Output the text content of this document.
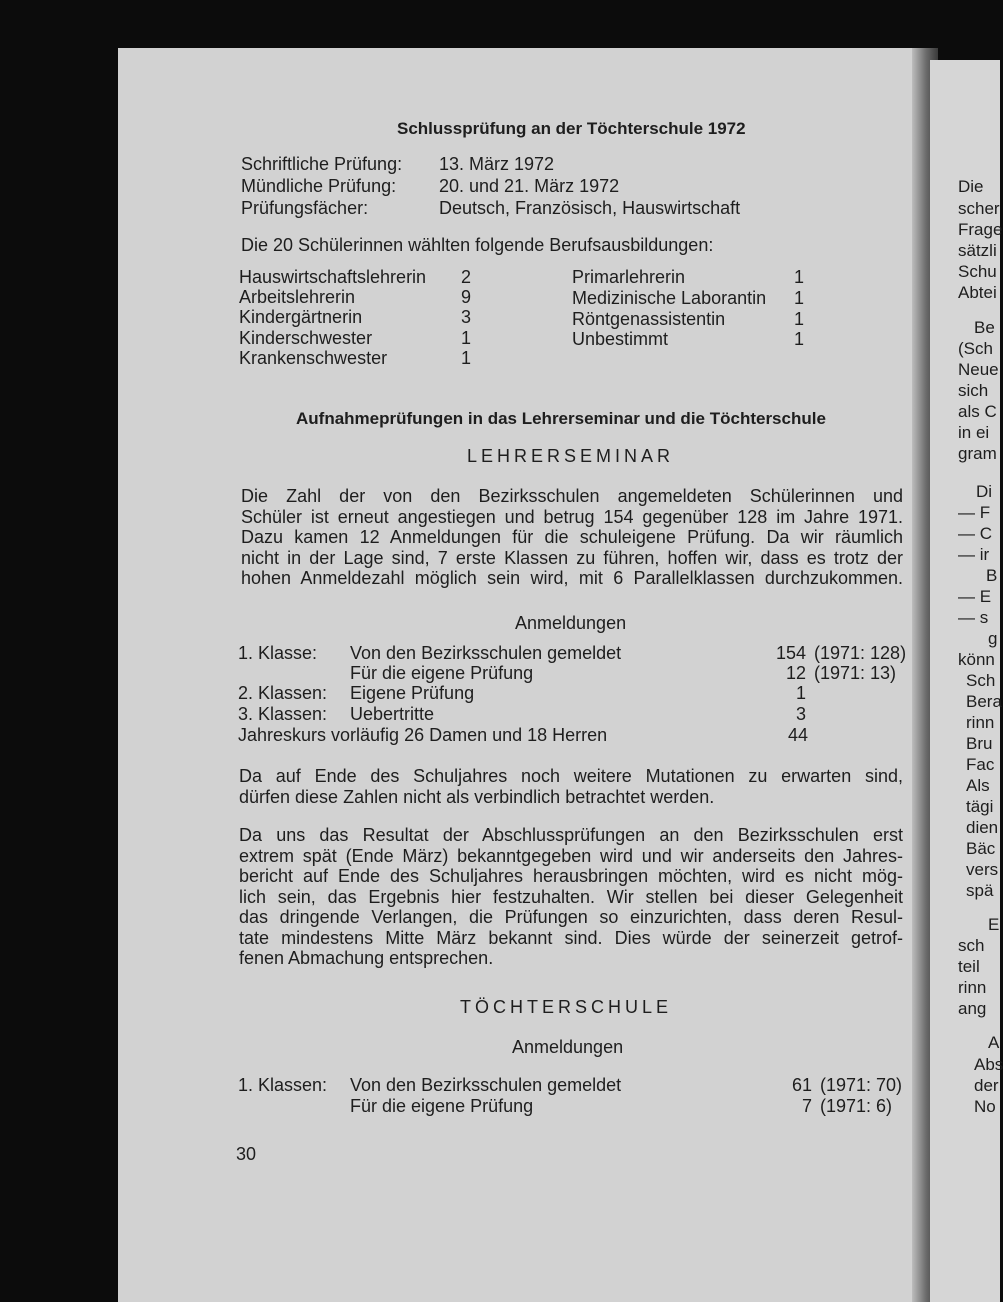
Schlussprüfung an der Töchterschule 1972
Schriftliche Prüfung: 13. März 1972
Mündliche Prüfung: 20. und 21. März 1972
Prüfungsfächer:	Deutsch, Französisch, Hauswirtschaft
Die 20 Schülerinnen wählten folgende Berufsausbildungen:
Hauswirtschaftslehrerin 2
Arbeitslehrerin	9
Kindergärtnerin	3
Kinderschwester	1
Krankenschwester	1
Primarlehrerin	1
Medizinische Laborantin 1
Röntgenassistentin	1
Unbestimmt	1
Aufnahmeprüfungen in das Lehrerseminar und die Töchterschule
LEHRERSEMINAR
Die Zahl der von den Bezirksschulen angemeldeten Schülerinnen und
Schüler ist erneut angestiegen und betrug 154 gegenüber 128 im Jahre 1971.
Dazu kamen 12 Anmeldungen für die schuleigene Prüfung. Da wir räumlich
nicht in der Lage sind, 7 erste Klassen zu führen, hoffen wir, dass es trotz der
hohen Anmeldezahl möglich sein wird, mit 6 Parallelklassen durchzukommen.
Anmeldungen
1. Klasse: Von den Bezirksschulen gemeldet	154 (1971: 128)
Für die eigene Prüfung	12 (1971: 13)
2. Klassen: Eigene Prüfung	1
3. Klassen: Uebertritte	3
Jahreskurs vorläufig 26 Damen und 18 Herren	44
Da auf Ende des Schuljahres noch weitere Mutationen zu erwarten sind,
dürfen diese Zahlen nicht als verbindlich betrachtet werden.
Da uns das Resultat der Abschlussprüfungen an den Bezirksschulen erst
extrem spät (Ende März) bekanntgegeben wird und wir anderseits den Jahres-
bericht auf Ende des Schuljahres herausbringen möchten, wird es nicht mög-
lich sein, das Ergebnis hier festzuhalten. Wir stellen bei dieser Gelegenheit
das dringende Verlangen, die Prüfungen so einzurichten, dass deren Resul-
tate mindestens Mitte März bekannt sind. Dies würde der seinerzeit getrof-
fenen Abmachung entsprechen.
TÖCHTERSCHULE
Anmeldungen
1. Klassen: Von den Bezirksschulen gemeldet	61 (1971: 70)
Für die eigene Prüfung	7 (1971: 6)
30
Die
scher
Frage
sätzli
Schu
Abtei
Be
(Sch
Neue
sich
als C
in ei
gram
Di
— F
— C
— ir
B
— E
— s
g
könn
Sch
Bera
rinn
Bru
Fac
Als
tägi
dien
Bäc
vers
spä
E
sch
teil
rinn
ang
A
Abs
der
No
